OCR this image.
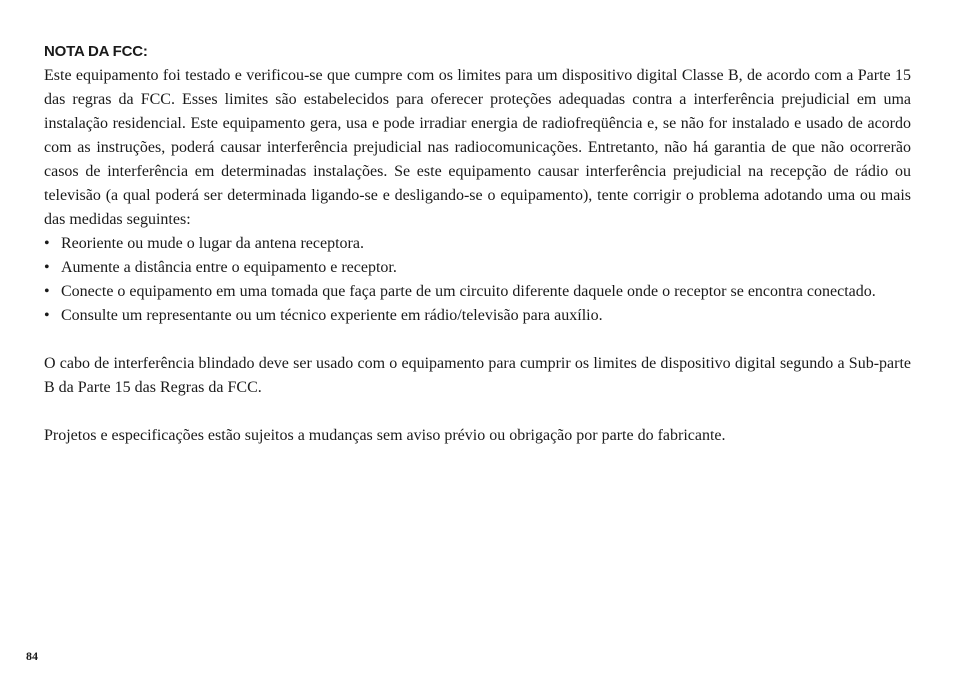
NOTA DA FCC:

Este equipamento foi testado e verificou-se que cumpre com os limites para um dispositivo digital Classe B, de acordo com a Parte 15 das regras da FCC. Esses limites são estabelecidos para oferecer proteções adequadas contra a interferência prejudicial em uma instalação residencial. Este equipamento gera, usa e pode irradiar energia de radiofreqüência e, se não for instalado e usado de acordo com as instruções, poderá causar interferência prejudicial nas radiocomunicações. Entretanto, não há garantia de que não ocorrerão casos de interferência em determinadas instalações. Se este equipamento causar interferência prejudicial na recepção de rádio ou televisão (a qual poderá ser determinada ligando-se e desligando-se o equipamento), tente corrigir o problema adotando uma ou mais das medidas seguintes:

• Reoriente ou mude o lugar da antena receptora.
• Aumente a distância entre o equipamento e receptor.
• Conecte o equipamento em uma tomada que faça parte de um circuito diferente daquele onde o receptor se encontra conectado.
• Consulte um representante ou um técnico experiente em rádio/televisão para auxílio.

O cabo de interferência blindado deve ser usado com o equipamento para cumprir os limites de dispositivo digital segundo a Sub-parte B da Parte 15 das Regras da FCC.

Projetos e especificações estão sujeitos a mudanças sem aviso prévio ou obrigação por parte do fabricante.

84
